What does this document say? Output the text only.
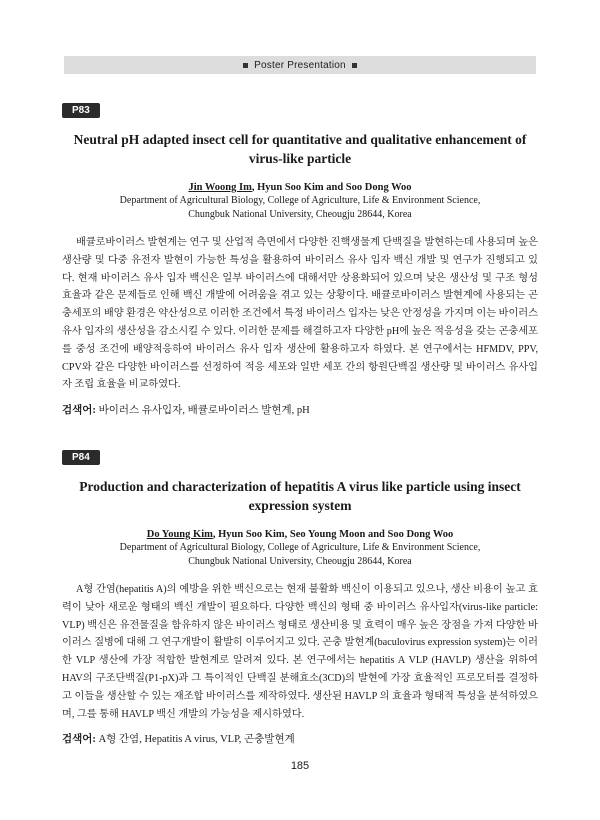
Poster Presentation
P83
Neutral pH adapted insect cell for quantitative and qualitative enhancement of virus-like particle
Jin Woong Im, Hyun Soo Kim and Soo Dong Woo
Department of Agricultural Biology, College of Agriculture, Life & Environment Science,
Chungbuk National University, Cheougju 28644, Korea
배큘로바이러스 발현계는 연구 및 산업적 측면에서 다양한 진핵생물계 단백질을 발현하는데 사용되며 높은 생산량 및 다중 유전자 발현이 가능한 특성을 활용하여 바이러스 유사 입자 백신 개발 및 연구가 진행되고 있다. 현재 바이러스 유사 입자 백신은 일부 바이러스에 대해서만 상용화되어 있으며 낮은 생산성 및 구조 형성 효율과 같은 문제들로 인해 백신 개발에 어려움을 겪고 있는 상황이다. 배큘로바이러스 발현계에 사용되는 곤충세포의 배양 환경은 약산성으로 이러한 조건에서 특정 바이러스 입자는 낮은 안정성을 가지며 이는 바이러스 유사 입자의 생산성을 감소시킬 수 있다. 이러한 문제를 해결하고자 다양한 pH에 높은 적응성을 갖는 곤충세포를 중성 조건에 배양적응하여 바이러스 유사 입자 생산에 활용하고자 하였다. 본 연구에서는 HFMDV, PPV, CPV와 같은 다양한 바이러스를 선정하여 적응 세포와 일반 세포 간의 항원단백질 생산량 및 바이러스 유사입자 조립 효율을 비교하였다.
검색어: 바이러스 유사입자, 배큘로바이러스 발현계, pH
P84
Production and characterization of hepatitis A virus like particle using insect expression system
Do Young Kim, Hyun Soo Kim, Seo Young Moon and Soo Dong Woo
Department of Agricultural Biology, College of Agriculture, Life & Environment Science,
Chungbuk National University, Cheougju 28644, Korea
A형 간염(hepatitis A)의 예방을 위한 백신으로는 현재 불활화 백신이 이용되고 있으나, 생산 비용이 높고 효력이 낮아 새로운 형태의 백신 개발이 필요하다. 다양한 백신의 형태 중 바이러스 유사입자(virus-like particle: VLP) 백신은 유전물질을 함유하지 않은 바이러스 형태로 생산비용 및 효력이 매우 높은 장점을 가져 다양한 바이러스 질병에 대해 그 연구개발이 활발히 이루어지고 있다. 곤충 발현계(baculovirus expression system)는 이러한 VLP 생산에 가장 적합한 발현계로 알려져 있다. 본 연구에서는 hepatitis A VLP (HAVLP) 생산을 위하여 HAV의 구조단백질(P1-pX)과 그 특이적인 단백질 분해효소(3CD)의 발현에 가장 효율적인 프로모터를 결정하고 이들을 생산할 수 있는 재조합 바이러스를 제작하였다. 생산된 HAVLP 의 효율과 형태적 특성을 분석하였으며, 그를 통해 HAVLP 백신 개발의 가능성을 제시하였다.
검색어: A형 간염, Hepatitis A virus, VLP, 곤충발현계
185
